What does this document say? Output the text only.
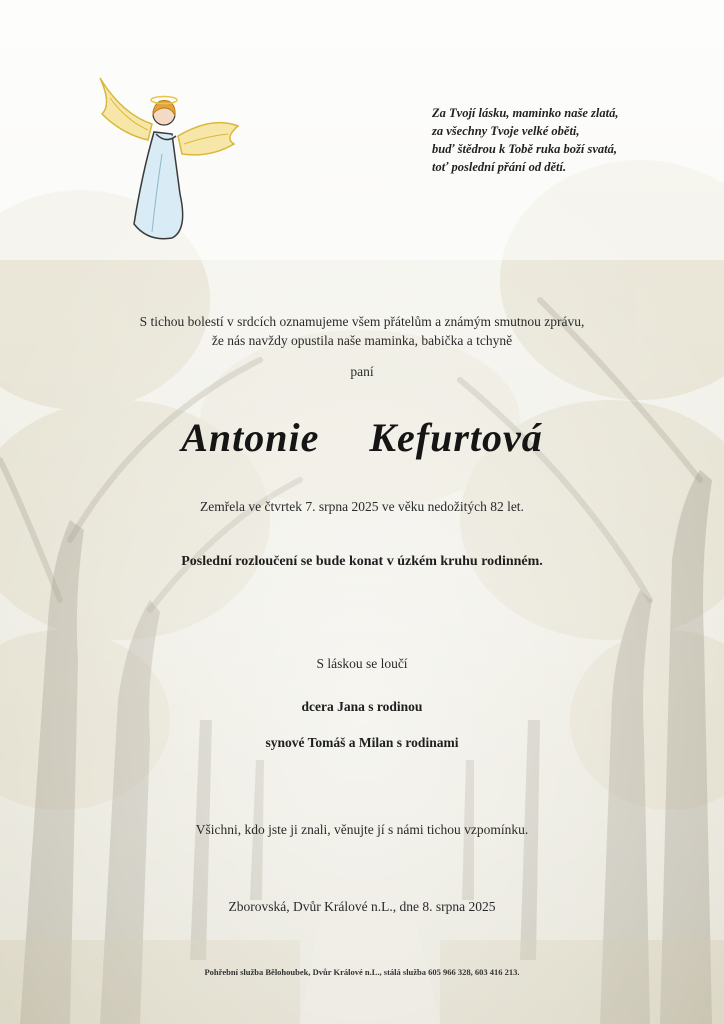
Za Tvojí lásku, maminko naše zlatá,
za všechny Tvoje velké oběti,
buď štědrou k Tobě ruka boží svatá,
toť poslední přání od dětí.
S tichou bolestí v srdcích oznamujeme všem přátelům a známým smutnou zprávu,
že nás navždy opustila naše maminka, babička a tchyně
paní
Antonie  Kefurtová
Zemřela ve čtvrtek 7. srpna 2025 ve věku nedožitých 82 let.
Poslední rozloučení se bude konat v úzkém kruhu rodinném.
S láskou se loučí
dcera Jana s rodinou
synové Tomáš a Milan s rodinami
Všichni, kdo jste ji znali, věnujte jí s námi tichou vzpomínku.
Zborovská, Dvůr Králové n.L., dne 8. srpna 2025
Pohřební služba Bělohoubek, Dvůr Králové n.L., stálá služba 605 966 328, 603 416 213.
